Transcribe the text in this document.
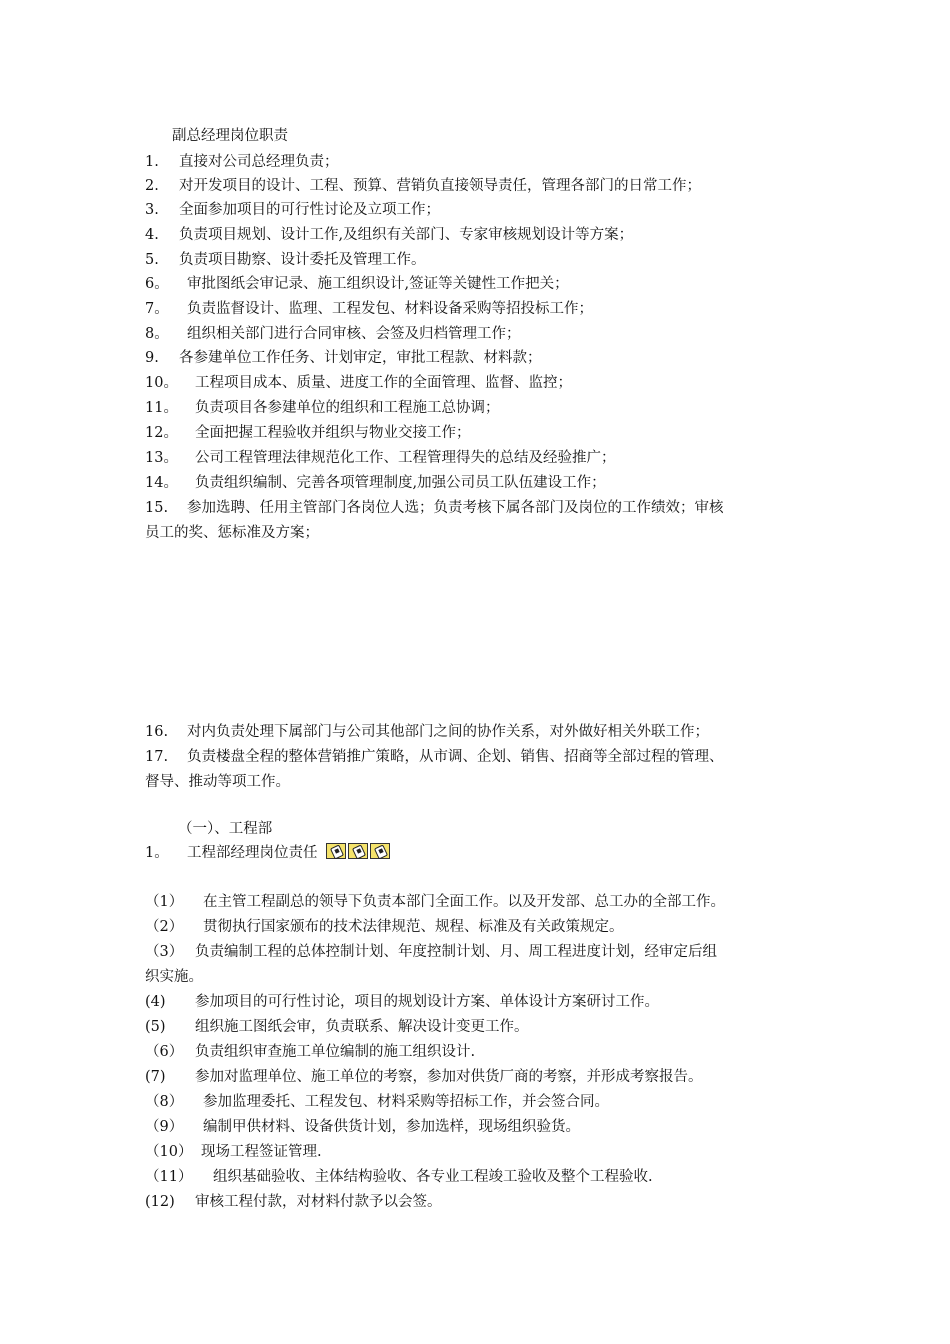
副总经理岗位职责
1. 直接对公司总经理负责；
2. 对开发项目的设计、工程、预算、营销负直接领导责任，管理各部门的日常工作；
3. 全面参加项目的可行性讨论及立项工作；
4. 负责项目规划、设计工作,及组织有关部门、专家审核规划设计等方案；
5. 负责项目勘察、设计委托及管理工作。
6。 审批图纸会审记录、施工组织设计,签证等关键性工作把关；
7。 负责监督设计、监理、工程发包、材料设备采购等招投标工作；
8。 组织相关部门进行合同审核、会签及归档管理工作；
9. 各参建单位工作任务、计划审定，审批工程款、材料款；
10。 工程项目成本、质量、进度工作的全面管理、监督、监控；
11。 负责项目各参建单位的组织和工程施工总协调；
12。 全面把握工程验收并组织与物业交接工作；
13。 公司工程管理法律规范化工作、工程管理得失的总结及经验推广；
14。 负责组织编制、完善各项管理制度,加强公司员工队伍建设工作；
15. 参加选聘、任用主管部门各岗位人选；负责考核下属各部门及岗位的工作绩效；审核
员工的奖、惩标准及方案；
16. 对内负责处理下属部门与公司其他部门之间的协作关系，对外做好相关外联工作；
17. 负责楼盘全程的整体营销推广策略，从市调、企划、销售、招商等全部过程的管理、
督导、推动等项工作。
（一）、工程部
1。 工程部经理岗位责任
（1） 在主管工程副总的领导下负责本部门全面工作。以及开发部、总工办的全部工作。
（2） 贯彻执行国家颁布的技术法律规范、规程、标准及有关政策规定。
（3） 负责编制工程的总体控制计划、年度控制计划、月、周工程进度计划，经审定后组
织实施。
(4) 参加项目的可行性讨论，项目的规划设计方案、单体设计方案研讨工作。
(5) 组织施工图纸会审，负责联系、解决设计变更工作。
（6） 负责组织审查施工单位编制的施工组织设计.
(7) 参加对监理单位、施工单位的考察，参加对供货厂商的考察，并形成考察报告。
（8） 参加监理委托、工程发包、材料采购等招标工作，并会签合同。
（9） 编制甲供材料、设备供货计划，参加选样，现场组织验货。
（10） 现场工程签证管理.
（11） 组织基础验收、主体结构验收、各专业工程竣工验收及整个工程验收.
(12) 审核工程付款，对材料付款予以会签。
